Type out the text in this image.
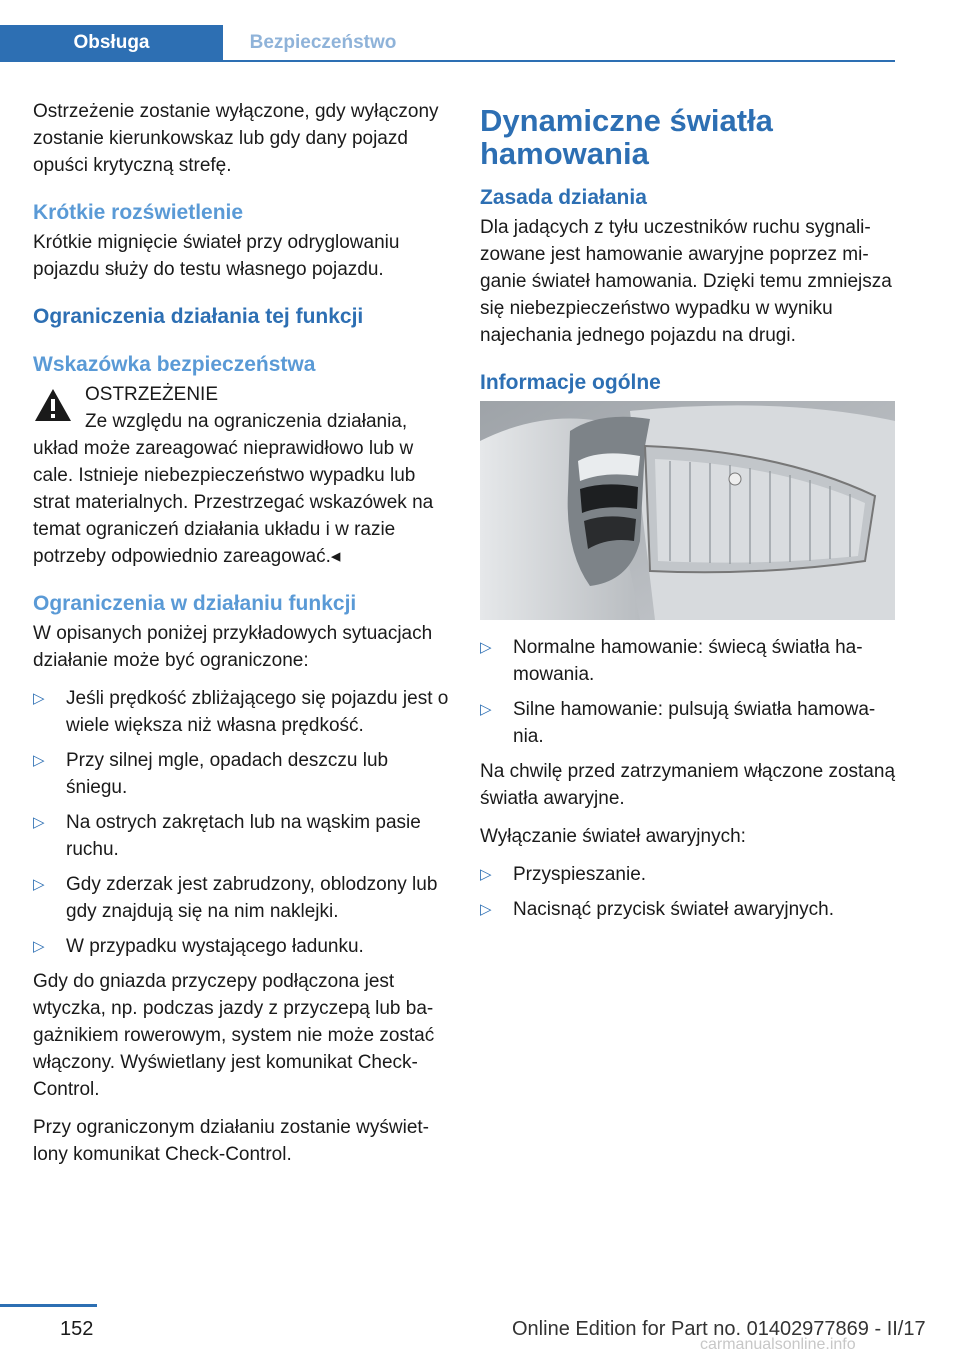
Obsługa	Bezpieczeństwo

Ostrzeżenie zostanie wyłączone, gdy wyłączony zostanie kierunkowskaz lub gdy dany pojazd opuści krytyczną strefę.

Krótkie rozświetlenie

Krótkie mignięcie świateł przy odryglowaniu pojazdu służy do testu własnego pojazdu.

Ograniczenia działania tej funkcji
Wskazówka bezpieczeństwa
OSTRZEŻENIE

Ze względu na ograniczenia działania, układ może zareagować nieprawidłowo lub w cale. Istnieje niebezpieczeństwo wypadku lub strat materialnych. Przestrzegać wskazówek na temat ograniczeń działania układu i w razie potrzeby odpowiednio zareagować.◂

Ograniczenia w działaniu funkcji

W opisanych poniżej przykładowych sytuacjach działanie może być ograniczone:

▷ Jeśli prędkość zbliżającego się pojazdu jest o wiele większa niż własna prędkość.
▷ Przy silnej mgle, opadach deszczu lub śniegu.
▷ Na ostrych zakrętach lub na wąskim pasie ruchu.
▷ Gdy zderzak jest zabrudzony, oblodzony lub gdy znajdują się na nim naklejki.
▷ W przypadku wystającego ładunku.

Gdy do gniazda przyczepy podłączona jest wtyczka, np. podczas jazdy z przyczepą lub bagażnikiem rowerowym, system nie może zostać włączony. Wyświetlany jest komunikat Check-Control.

Przy ograniczonym działaniu zostanie wyświetlony komunikat Check-Control.

Dynamiczne światła hamowania
Zasada działania

Dla jadących z tyłu uczestników ruchu sygnalizowane jest hamowanie awaryjne poprzez miganie świateł hamowania. Dzięki temu zmniejsza się niebezpieczeństwo wypadku w wyniku najechania jednego pojazdu na drugi.

Informacje ogólne
▷ Normalne hamowanie: świecą światła hamowania.
▷ Silne hamowanie: pulsują światła hamowania.

Na chwilę przed zatrzymaniem włączone zostaną światła awaryjne.

Wyłączanie świateł awaryjnych:

▷ Przyspieszanie.
▷ Nacisnąć przycisk świateł awaryjnych.
152	Online Edition for Part no. 01402977869 - II/17
carmanualsonline.info
